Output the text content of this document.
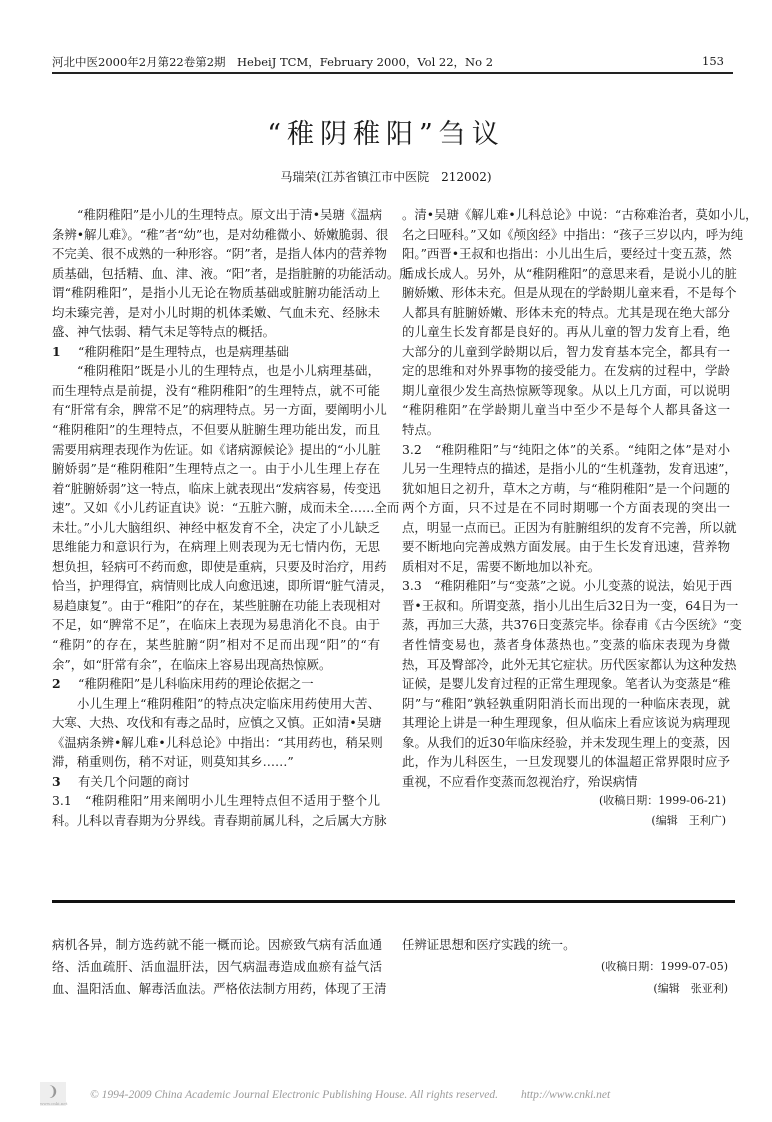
河北中医2000年2月第22卷第2期　HebeiJ TCM，February 2000，Vol 22，No 2	153
“稚阴稚阳”刍议
马瑞荣(江苏省镇江市中医院　212002)
“稚阴稚阳”是小儿的生理特点。原文出于清•吴瑭《温病
条辨•解儿难》。“稚”者“幼”也，是对幼稚微小、娇嫩脆弱、很
不完美、很不成熟的一种形容。“阴”者，是指人体内的营养物
质基础，包括精、血、津、液。“阳”者，是指脏腑的功能活动。所
谓“稚阴稚阳”，是指小儿无论在物质基础或脏腑功能活动上
均未臻完善，是对小儿时期的机体柔嫩、气血未充、经脉未
盛、神气怯弱、精气未足等特点的概括。
1 “稚阴稚阳”是生理特点，也是病理基础
“稚阴稚阳”既是小儿的生理特点，也是小儿病理基础，
而生理特点是前提，没有“稚阴稚阳”的生理特点，就不可能
有“肝常有余，脾常不足”的病理特点。另一方面，要阐明小儿
“稚阴稚阳”的生理特点，不但要从脏腑生理功能出发，而且
需要用病理表现作为佐证。如《诸病源候论》提出的“小儿脏
腑娇弱”是“稚阴稚阳”生理特点之一。由于小儿生理上存在
着“脏腑娇弱”这一特点，临床上就表现出“发病容易，传变迅
速”。又如《小儿药证直诀》说：“五脏六腑，成而未全……全而
未壮。”小儿大脑组织、神经中枢发育不全，决定了小儿缺乏
思维能力和意识行为，在病理上则表现为无七情内伤，无思
想负担，轻病可不药而愈，即使是重病，只要及时治疗，用药
恰当，护理得宜，病情则比成人向愈迅速，即所谓“脏气清灵，
易趋康复”。由于“稚阳”的存在，某些脏腑在功能上表现相对
不足，如“脾常不足”，在临床上表现为易患消化不良。由于
“稚阴”的存在，某些脏腑“阴”相对不足而出现“阳”的“有
余”，如“肝常有余”，在临床上容易出现高热惊厥。
2 “稚阴稚阳”是儿科临床用药的理论依据之一
小儿生理上“稚阴稚阳”的特点决定临床用药使用大苦、
大寒、大热、攻伐和有毒之品时，应慎之又慎。正如清•吴瑭
《温病条辨•解儿难•儿科总论》中指出：“其用药也，稍呆则
滞，稍重则伤，稍不对证，则莫知其乡……”
3 有关几个问题的商讨
3.1　“稚阴稚阳”用来阐明小儿生理特点但不适用于整个儿
科。儿科以青春期为分界线。青春期前属儿科，之后属大方脉
。清•吴瑭《解儿难•儿科总论》中说：“古称难治者，莫如小儿，
名之曰哑科。”又如《颅囟经》中指出：“孩子三岁以内，呼为纯
阳。”西晋•王叔和也指出：小儿出生后，要经过十变五蒸，然
后成长成人。另外，从“稚阴稚阳”的意思来看，是说小儿的脏
腑娇嫩、形体未充。但是从现在的学龄期儿童来看，不是每个
人都具有脏腑娇嫩、形体未充的特点。尤其是现在绝大部分
的儿童生长发育都是良好的。再从儿童的智力发育上看，绝
大部分的儿童到学龄期以后，智力发育基本完全，都具有一
定的思维和对外界事物的接受能力。在发病的过程中，学龄
期儿童很少发生高热惊厥等现象。从以上几方面，可以说明
“稚阴稚阳”在学龄期儿童当中至少不是每个人都具备这一
特点。
3.2　“稚阴稚阳”与“纯阳之体”的关系。“纯阳之体”是对小
儿另一生理特点的描述，是指小儿的“生机蓬勃，发育迅速”，
犹如旭日之初升，草木之方萌，与“稚阴稚阳”是一个问题的
两个方面，只不过是在不同时期哪一个方面表现的突出一
点，明显一点而已。正因为有脏腑组织的发育不完善，所以就
要不断地向完善成熟方面发展。由于生长发育迅速，营养物
质相对不足，需要不断地加以补充。
3.3　“稚阴稚阳”与“变蒸”之说。小儿变蒸的说法，始见于西
晋•王叔和。所谓变蒸，指小儿出生后32日为一变，64日为一
蒸，再加三大蒸，共376日变蒸完毕。徐春甫《古今医统》“变
者性情变易也，蒸者身体蒸热也。”变蒸的临床表现为身微
热，耳及臀部冷，此外无其它症状。历代医家都认为这种发热
证候，是婴儿发育过程的正常生理现象。笔者认为变蒸是“稚
阴”与“稚阳”孰轻孰重阴阳消长而出现的一种临床表现，就
其理论上讲是一种生理现象，但从临床上看应该说为病理现
象。从我们的近30年临床经验，并未发现生理上的变蒸，因
此，作为儿科医生，一旦发现婴儿的体温超正常界限时应予
重视，不应看作变蒸而忽视治疗，殆误病情
(收稿日期：1999-06-21)
(编辑　王利广)
病机各异，制方选药就不能一概而论。因瘀致气病有活血通
络、活血疏肝、活血温肝法，因气病温毒造成血瘀有益气活
血、温阳活血、解毒活血法。严格依法制方用药，体现了王清
任辨证思想和医疗实践的统一。
(收稿日期：1999-07-05)
(编辑　张亚利)
❩
www.cnki.net
© 1994-2009 China Academic Journal Electronic Publishing House. All rights reserved.　　http://www.cnki.net
